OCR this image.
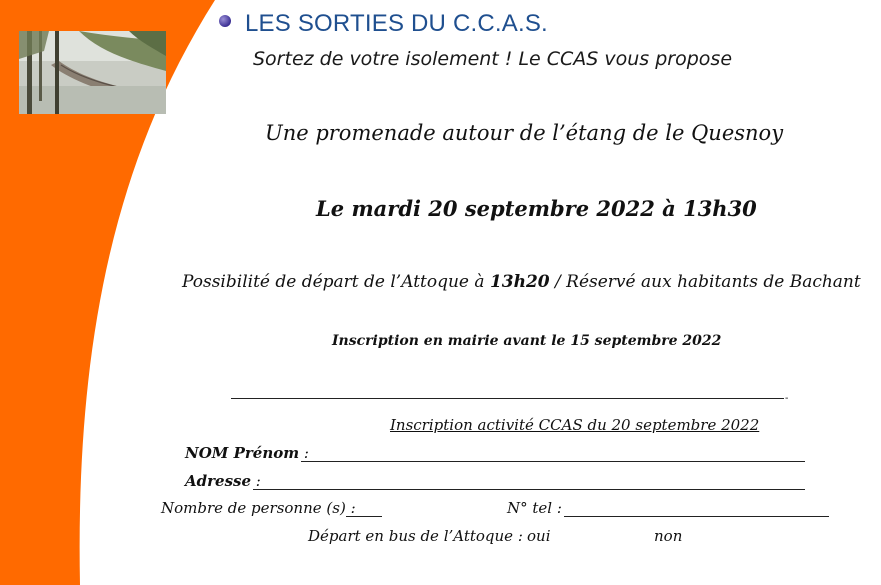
LES SORTIES DU C.C.A.S.
Sortez de votre isolement ! Le CCAS vous propose
Une promenade autour de l’étang de le Quesnoy
Le mardi 20 septembre 2022 à 13h30
Possibilité de départ de l’Attoque à 13h20 / Réservé aux habitants de Bachant
Inscription en mairie avant le 15 septembre 2022
-
Inscription activité CCAS du 20 septembre 2022
NOM Prénom :
Adresse :
Nombre de personne (s) :	N° tel :
Départ en bus de l’Attoque : oui	non
